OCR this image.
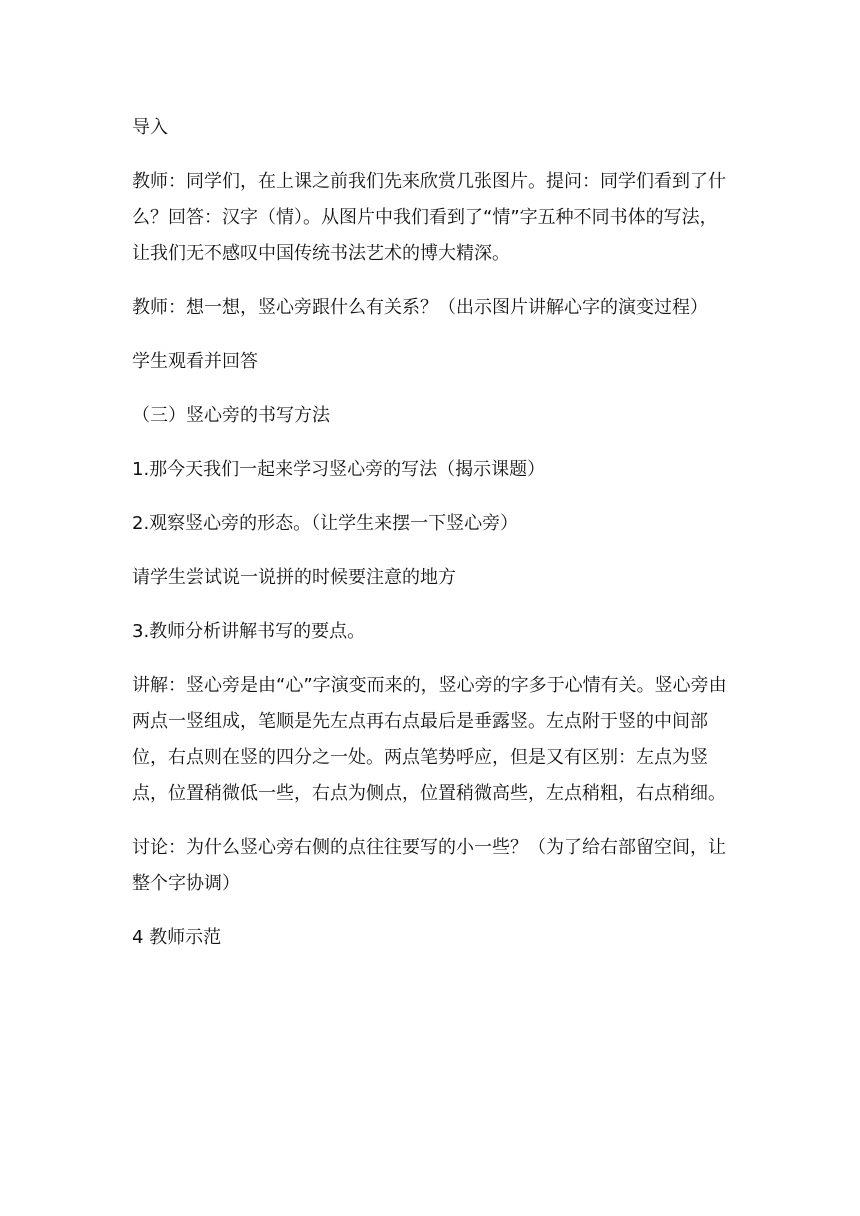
导入

教师：同学们，在上课之前我们先来欣赏几张图片。提问：同学们看到了什么？回答：汉字（情）。从图片中我们看到了“情”字五种不同书体的写法，让我们无不感叹中国传统书法艺术的博大精深。

教师：想一想，竖心旁跟什么有关系？（出示图片讲解心字的演变过程）

学生观看并回答

（三）竖心旁的书写方法

1.那今天我们一起来学习竖心旁的写法（揭示课题）

2.观察竖心旁的形态。（让学生来摆一下竖心旁）

请学生尝试说一说拼的时候要注意的地方

3.教师分析讲解书写的要点。

讲解：竖心旁是由“心”字演变而来的，竖心旁的字多于心情有关。竖心旁由两点一竖组成，笔顺是先左点再右点最后是垂露竖。左点附于竖的中间部位，右点则在竖的四分之一处。两点笔势呼应，但是又有区别：左点为竖点，位置稍微低一些，右点为侧点，位置稍微高些，左点稍粗，右点稍细。

讨论：为什么竖心旁右侧的点往往要写的小一些？（为了给右部留空间，让整个字协调）

4 教师示范
